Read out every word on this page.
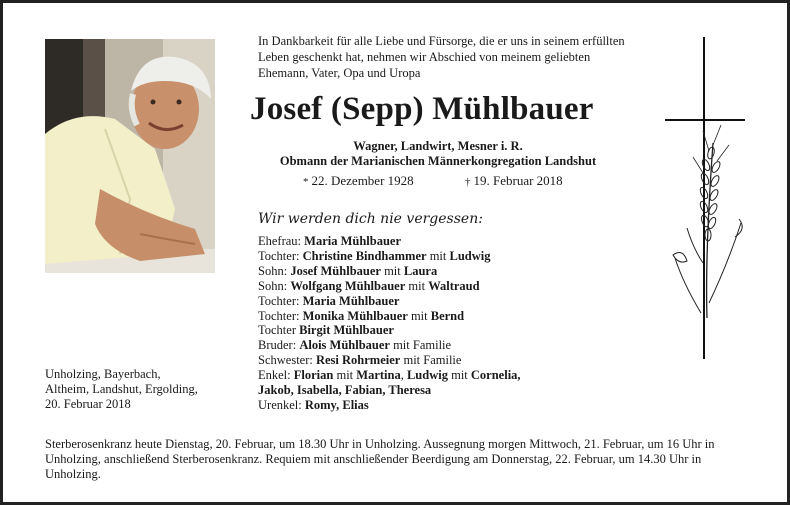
In Dankbarkeit für alle Liebe und Fürsorge, die er uns in seinem erfüllten Leben geschenkt hat, nehmen wir Abschied von meinem geliebten Ehemann, Vater, Opa und Uropa
Josef (Sepp) Mühlbauer
Wagner, Landwirt, Mesner i. R.
Obmann der Marianischen Männerkongregation Landshut
* 22. Dezember 1928	† 19. Februar 2018
Wir werden dich nie vergessen:
Ehefrau: Maria Mühlbauer
Tochter: Christine Bindhammer mit Ludwig
Sohn: Josef Mühlbauer mit Laura
Sohn: Wolfgang Mühlbauer mit Waltraud
Tochter: Maria Mühlbauer
Tochter: Monika Mühlbauer mit Bernd
Tochter Birgit Mühlbauer
Bruder: Alois Mühlbauer mit Familie
Schwester: Resi Rohrmeier mit Familie
Enkel: Florian mit Martina, Ludwig mit Cornelia,
Jakob, Isabella, Fabian, Theresa
Urenkel: Romy, Elias
Unholzing, Bayerbach,
Altheim, Landshut, Ergolding,
20. Februar 2018
Sterberosenkranz heute Dienstag, 20. Februar, um 18.30 Uhr in Unholzing. Aussegnung morgen Mittwoch, 21. Februar, um 16 Uhr in Unholzing, anschließend Sterberosenkranz. Requiem mit anschließender Beerdigung am Donnerstag, 22. Februar, um 14.30 Uhr in Unholzing.
